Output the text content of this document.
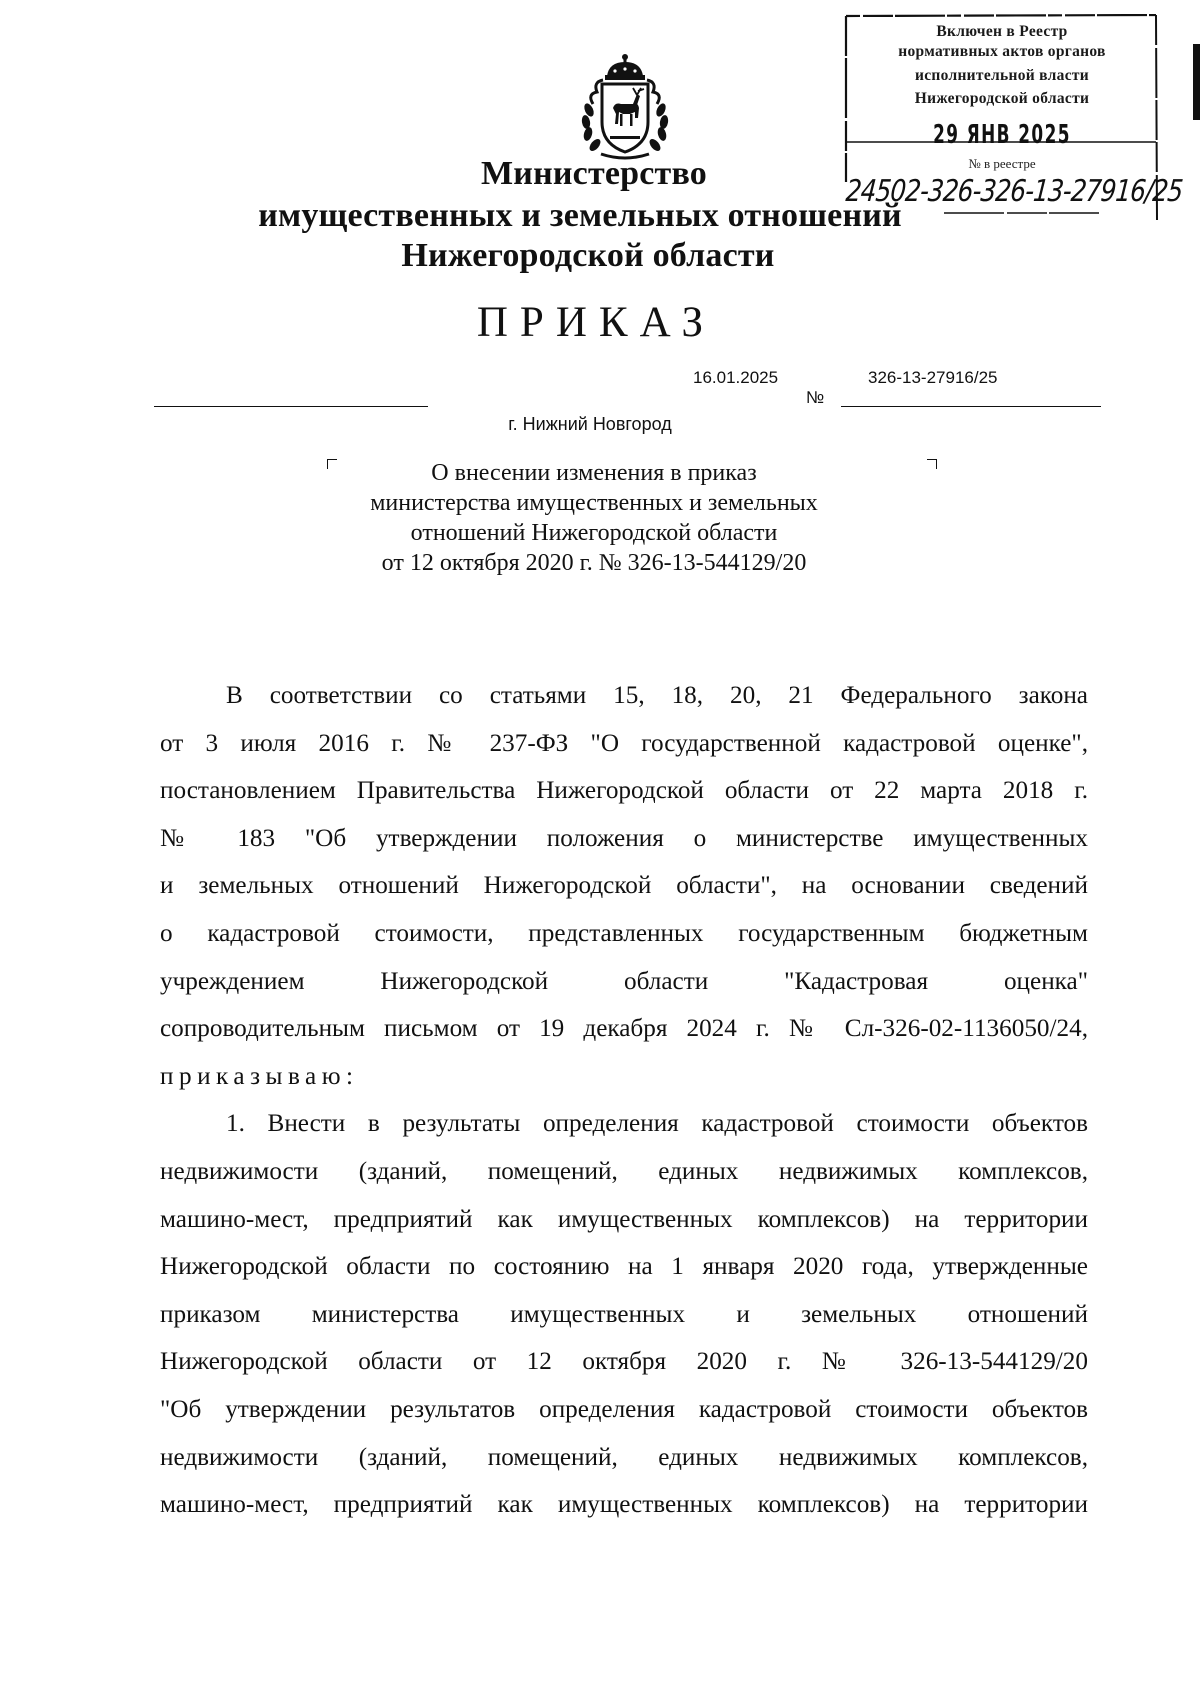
Министерство
имущественных и земельных отношений
Нижегородской области
ПРИКАЗ
16.01.2025	326-13-27916/25
№
г. Нижний Новгород
О внесении изменения в приказ
министерства имущественных и земельных
отношений Нижегородской области
от 12 октября 2020 г. № 326-13-544129/20
В соответствии со статьями 15, 18, 20, 21 Федерального закона
от 3 июля 2016 г. № 237-ФЗ "О государственной кадастровой оценке",
постановлением Правительства Нижегородской области от 22 марта 2018 г.
№ 183 "Об утверждении положения о министерстве имущественных
и земельных отношений Нижегородской области", на основании сведений
о кадастровой стоимости, представленных государственным бюджетным
учреждением Нижегородской области "Кадастровая оценка"
сопроводительным письмом от 19 декабря 2024 г. № Сл-326-02-1136050/24,
приказываю:
1. Внести в результаты определения кадастровой стоимости объектов
недвижимости (зданий, помещений, единых недвижимых комплексов,
машино-мест, предприятий как имущественных комплексов) на территории
Нижегородской области по состоянию на 1 января 2020 года, утвержденные
приказом министерства имущественных и земельных отношений
Нижегородской области от 12 октября 2020 г. № 326-13-544129/20
"Об утверждении результатов определения кадастровой стоимости объектов
недвижимости (зданий, помещений, единых недвижимых комплексов,
машино-мест, предприятий как имущественных комплексов) на территории
Включен в Реестр
нормативных актов органов
исполнительной власти
Нижегородской области
29 ЯНВ 2025
№ в реестре
24502-326-326-13-27916/25
